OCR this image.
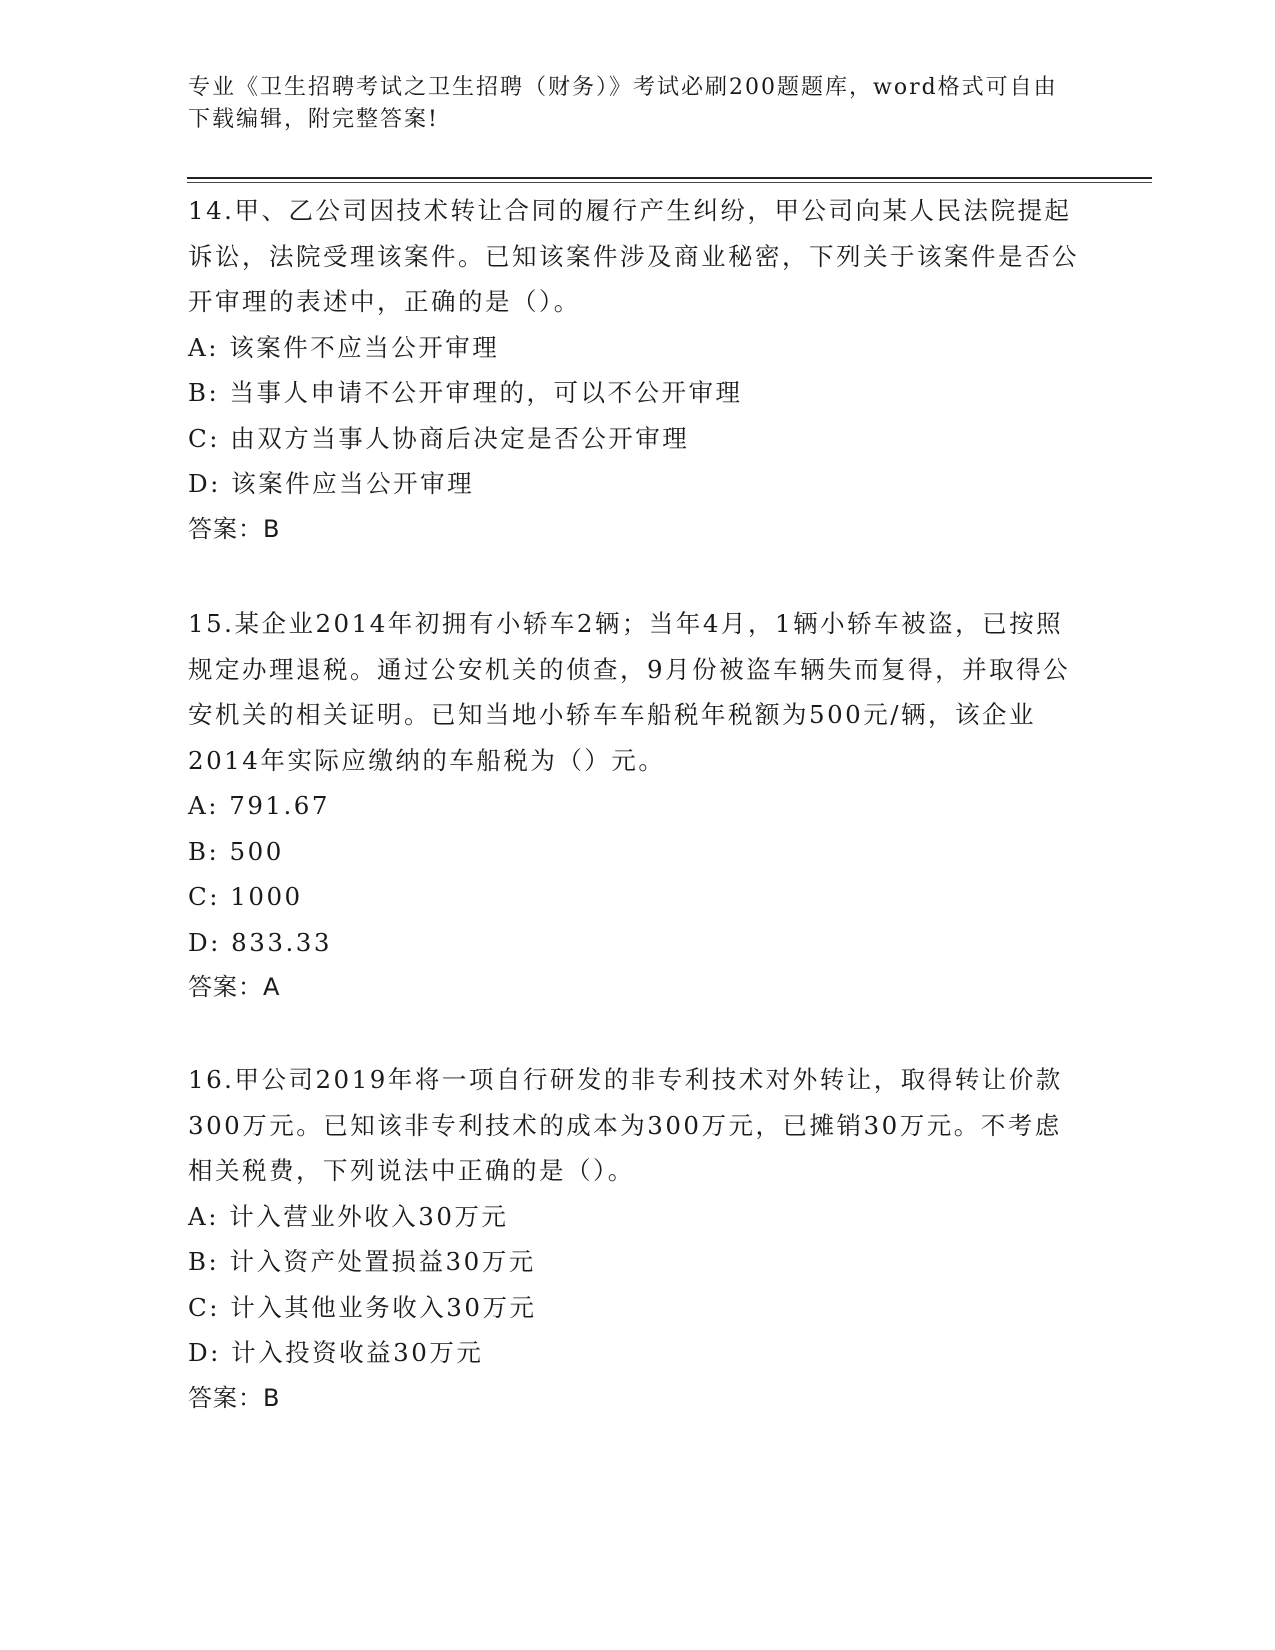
专业《卫生招聘考试之卫生招聘（财务）》考试必刷200题题库，word格式可自由下载编辑，附完整答案!
14.甲、乙公司因技术转让合同的履行产生纠纷，甲公司向某人民法院提起诉讼，法院受理该案件。已知该案件涉及商业秘密，下列关于该案件是否公开审理的表述中，正确的是（）。
A: 该案件不应当公开审理
B: 当事人申请不公开审理的，可以不公开审理
C: 由双方当事人协商后决定是否公开审理
D: 该案件应当公开审理
答案：B
15.某企业2014年初拥有小轿车2辆；当年4月，1辆小轿车被盗，已按照规定办理退税。通过公安机关的侦查，9月份被盗车辆失而复得，并取得公安机关的相关证明。已知当地小轿车车船税年税额为500元/辆，该企业2014年实际应缴纳的车船税为（）元。
A: 791.67
B: 500
C: 1000
D: 833.33
答案：A
16.甲公司2019年将一项自行研发的非专利技术对外转让，取得转让价款300万元。已知该非专利技术的成本为300万元，已摊销30万元。不考虑相关税费，下列说法中正确的是（）。
A: 计入营业外收入30万元
B: 计入资产处置损益30万元
C: 计入其他业务收入30万元
D: 计入投资收益30万元
答案：B
